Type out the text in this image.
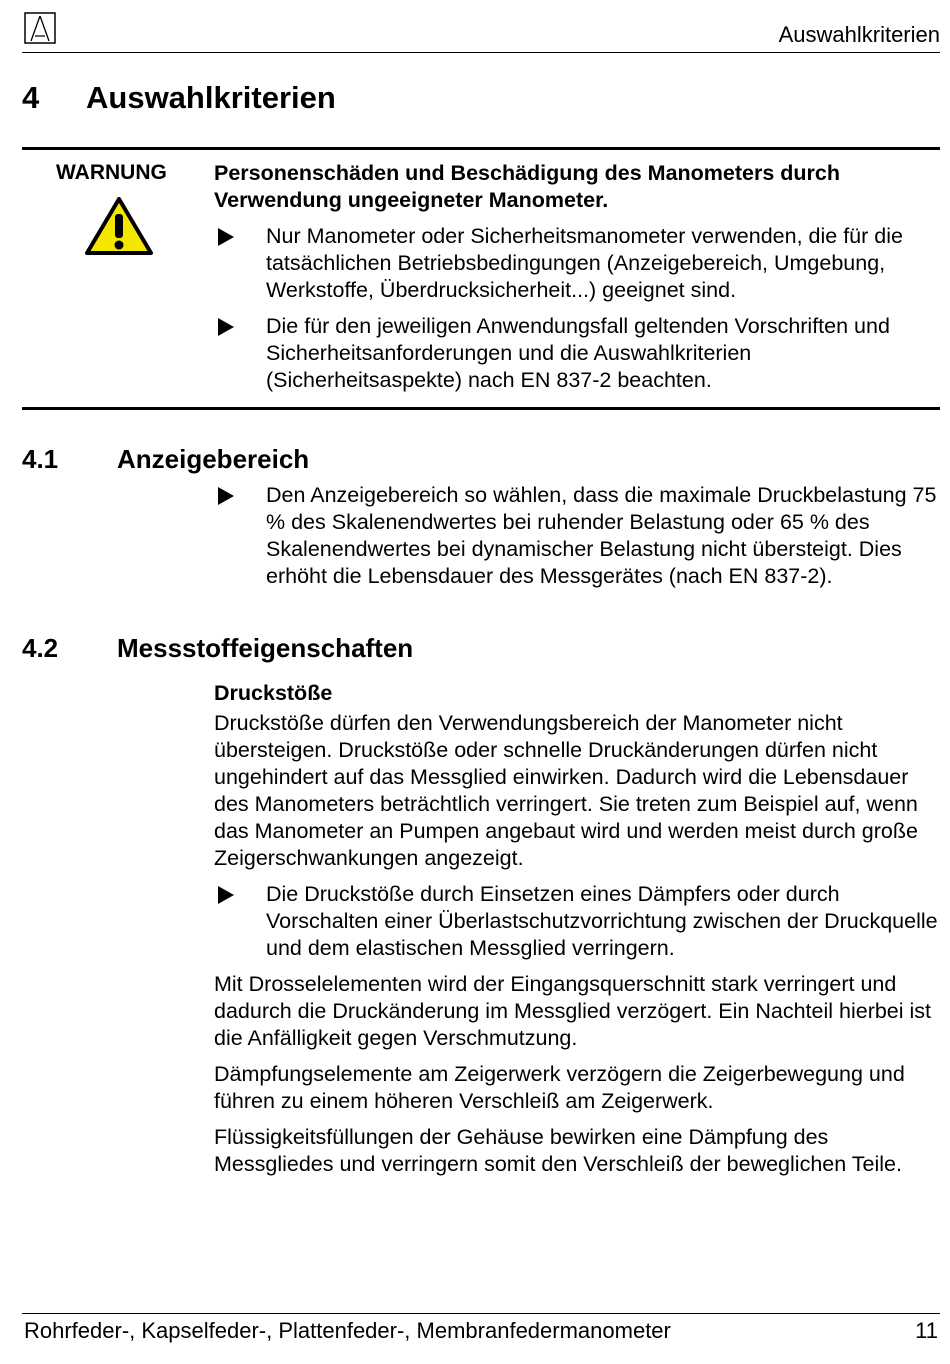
Auswahlkriterien
4 Auswahlkriterien
WARNUNG Personenschäden und Beschädigung des Manometers durch Verwendung ungeeigneter Manometer.

Nur Manometer oder Sicherheitsmanometer verwenden, die für die tatsächlichen Betriebsbedingungen (Anzeigebereich, Umgebung, Werkstoffe, Überdrucksicherheit...) geeignet sind.

Die für den jeweiligen Anwendungsfall geltenden Vorschriften und Sicherheitsanforderungen und die Auswahlkriterien (Sicherheitsaspekte) nach EN 837-2 beachten.

4.1 Anzeigebereich

Den Anzeigebereich so wählen, dass die maximale Druckbelastung 75 % des Skalenendwertes bei ruhender Belastung oder 65 % des Skalenendwertes bei dynamischer Belastung nicht übersteigt. Dies erhöht die Lebensdauer des Messgerätes (nach EN 837-2).

4.2 Messstoffeigenschaften

Druckstöße

Druckstöße dürfen den Verwendungsbereich der Manometer nicht übersteigen. Druckstöße oder schnelle Druckänderungen dürfen nicht ungehindert auf das Messglied einwirken. Dadurch wird die Lebensdauer des Manometers beträchtlich verringert. Sie treten zum Beispiel auf, wenn das Manometer an Pumpen angebaut wird und werden meist durch große Zeigerschwankungen angezeigt.

Die Druckstöße durch Einsetzen eines Dämpfers oder durch Vorschalten einer Überlastschutzvorrichtung zwischen der Druckquelle und dem elastischen Messglied verringern.

Mit Drosselelementen wird der Eingangsquerschnitt stark verringert und dadurch die Druckänderung im Messglied verzögert. Ein Nachteil hierbei ist die Anfälligkeit gegen Verschmutzung.

Dämpfungselemente am Zeigerwerk verzögern die Zeigerbewegung und führen zu einem höheren Verschleiß am Zeigerwerk.

Flüssigkeitsfüllungen der Gehäuse bewirken eine Dämpfung des Messgliedes und verringern somit den Verschleiß der beweglichen Teile.

Rohrfeder-, Kapselfeder-, Plattenfeder-, Membranfedermanometer	11
